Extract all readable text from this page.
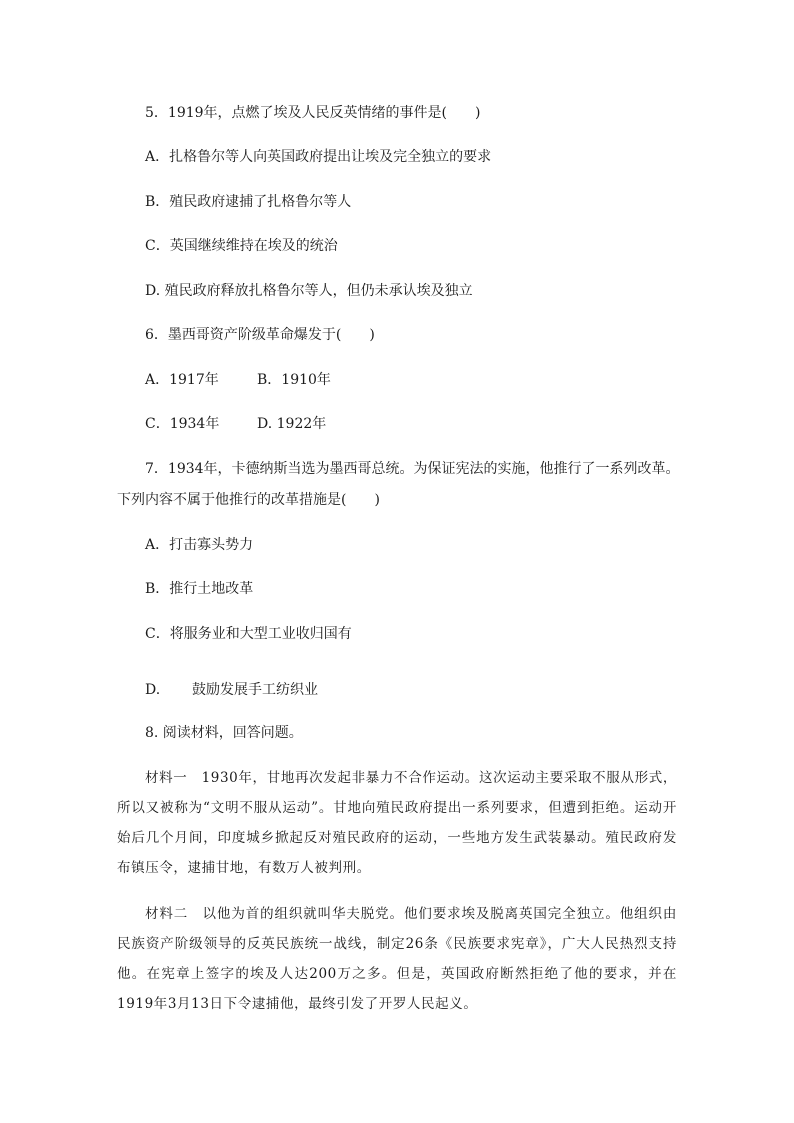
5．1919年，点燃了埃及人民反英情绪的事件是(　　)
A．扎格鲁尔等人向英国政府提出让埃及完全独立的要求
B．殖民政府逮捕了扎格鲁尔等人
C．英国继续维持在埃及的统治
D. 殖民政府释放扎格鲁尔等人，但仍未承认埃及独立
6．墨西哥资产阶级革命爆发于(　　)
A．1917年	B．1910年
C．1934年	D. 1922年
7．1934年，卡德纳斯当选为墨西哥总统。为保证宪法的实施，他推行了一系列改革。
下列内容不属于他推行的改革措施是(　　)
A．打击寡头势力
B．推行土地改革
C．将服务业和大型工业收归国有
D. 鼓励发展手工纺织业
8. 阅读材料，回答问题。
材料一　1930年，甘地再次发起非暴力不合作运动。这次运动主要采取不服从形式，所以又被称为“文明不服从运动”。甘地向殖民政府提出一系列要求，但遭到拒绝。运动开始后几个月间，印度城乡掀起反对殖民政府的运动，一些地方发生武装暴动。殖民政府发布镇压令，逮捕甘地，有数万人被判刑。
材料二　以他为首的组织就叫华夫脱党。他们要求埃及脱离英国完全独立。他组织由民族资产阶级领导的反英民族统一战线，制定26条《民族要求宪章》，广大人民热烈支持他。在宪章上签字的埃及人达200万之多。但是，英国政府断然拒绝了他的要求，并在1919年3月13日下令逮捕他，最终引发了开罗人民起义。
